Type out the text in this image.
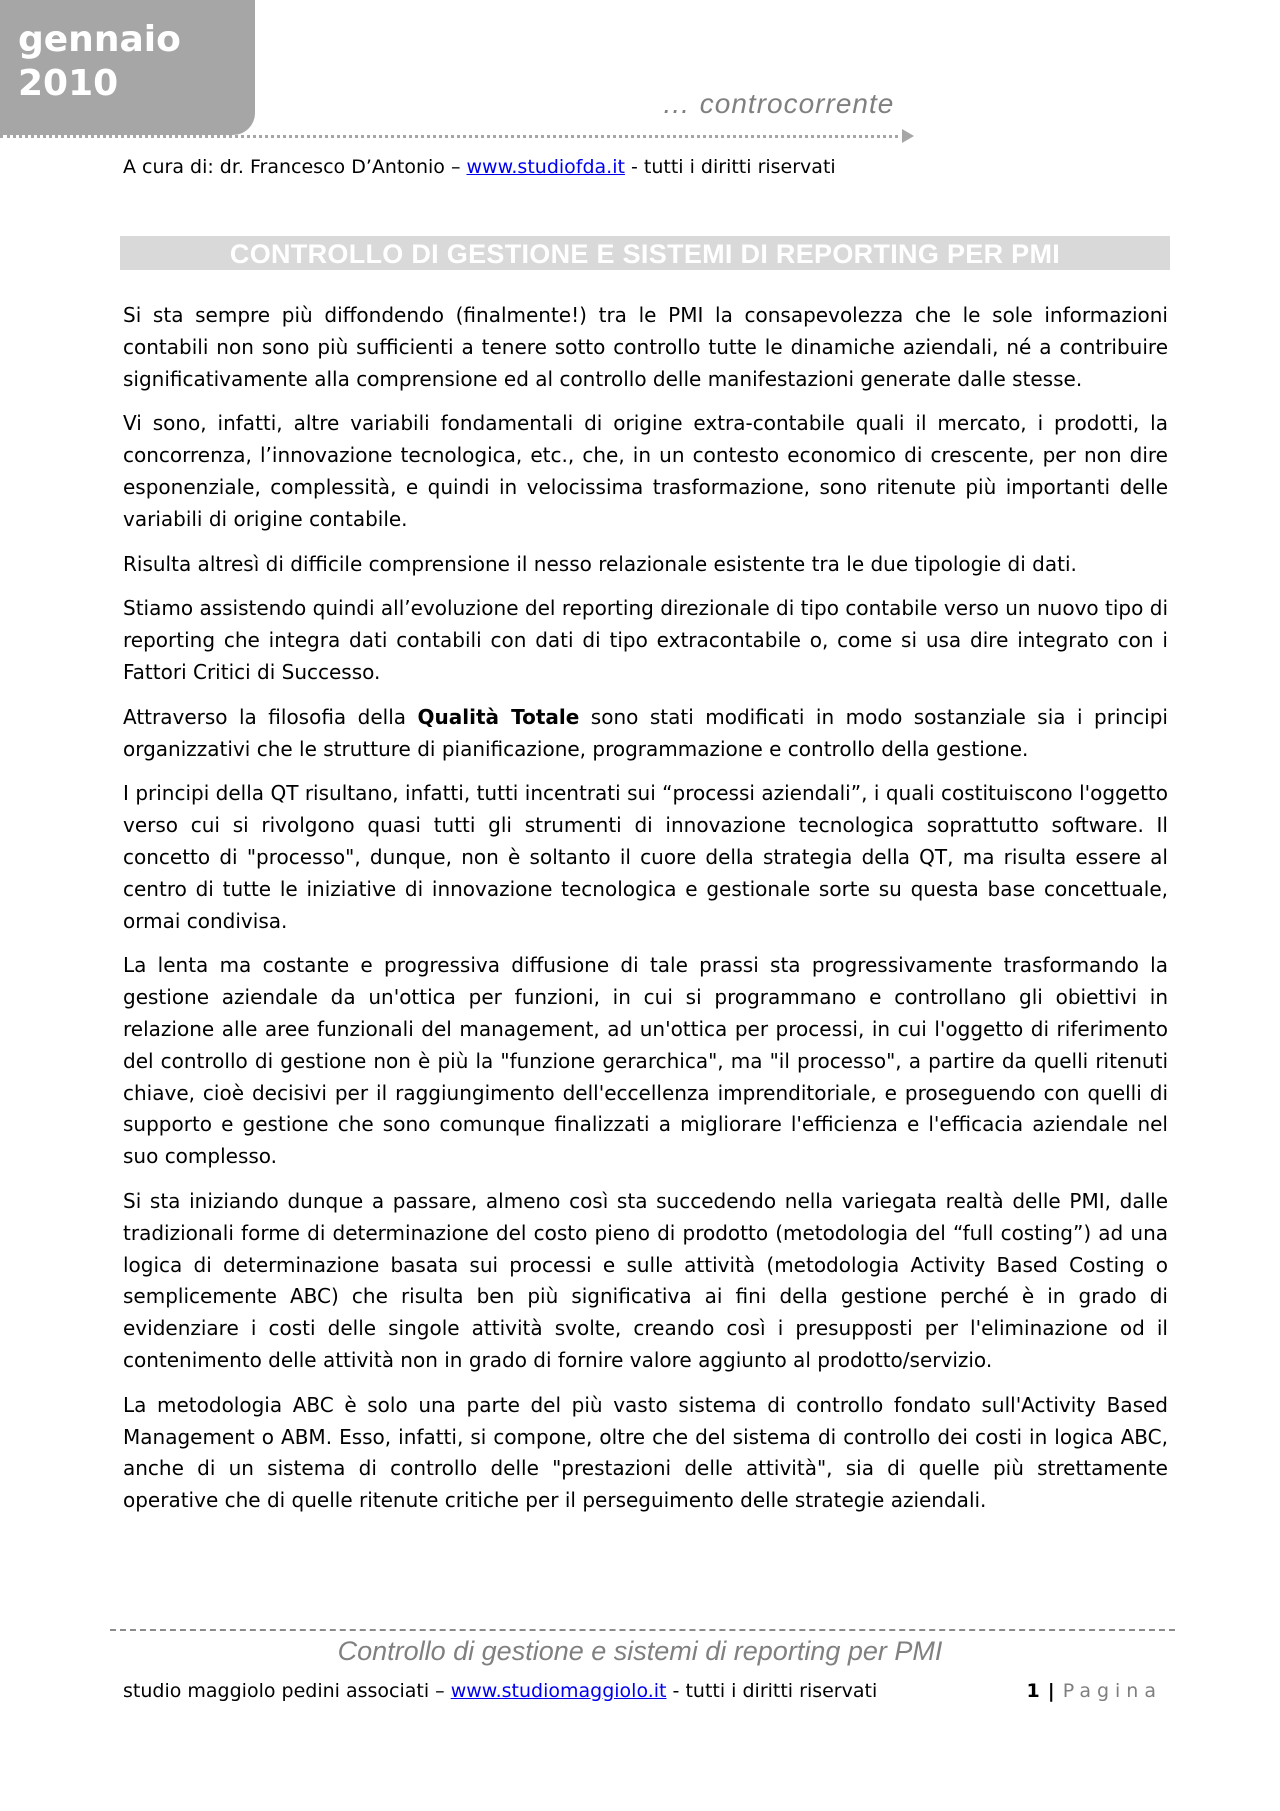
gennaio
2010	… controcorrente
A cura di: dr. Francesco D’Antonio – www.studiofda.it - tutti i diritti riservati
CONTROLLO DI GESTIONE E SISTEMI DI REPORTING PER PMI

Si sta sempre più diffondendo (finalmente!) tra le PMI la consapevolezza che le sole informazioni contabili non sono più sufficienti a tenere sotto controllo tutte le dinamiche aziendali, né a contribuire significativamente alla comprensione ed al controllo delle manifestazioni generate dalle stesse.

Vi sono, infatti, altre variabili fondamentali di origine extra-contabile quali il mercato, i prodotti, la concorrenza, l’innovazione tecnologica, etc., che, in un contesto economico di crescente, per non dire esponenziale, complessità, e quindi in velocissima trasformazione, sono ritenute più importanti delle variabili di origine contabile.

Risulta altresì di difficile comprensione il nesso relazionale esistente tra le due tipologie di dati.

Stiamo assistendo quindi all’evoluzione del reporting direzionale di tipo contabile verso un nuovo tipo di reporting che integra dati contabili con dati di tipo extracontabile o, come si usa dire integrato con i Fattori Critici di Successo.

Attraverso la filosofia della Qualità Totale sono stati modificati in modo sostanziale sia i principi organizzativi che le strutture di pianificazione, programmazione e controllo della gestione.

I principi della QT risultano, infatti, tutti incentrati sui “processi aziendali”, i quali costituiscono l'oggetto verso cui si rivolgono quasi tutti gli strumenti di innovazione tecnologica soprattutto software. Il concetto di "processo", dunque, non è soltanto il cuore della strategia della QT, ma risulta essere al centro di tutte le iniziative di innovazione tecnologica e gestionale sorte su questa base concettuale, ormai condivisa.

La lenta ma costante e progressiva diffusione di tale prassi sta progressivamente trasformando la gestione aziendale da un'ottica per funzioni, in cui si programmano e controllano gli obiettivi in relazione alle aree funzionali del management, ad un'ottica per processi, in cui l'oggetto di riferimento del controllo di gestione non è più la "funzione gerarchica", ma "il processo", a partire da quelli ritenuti chiave, cioè decisivi per il raggiungimento dell'eccellenza imprenditoriale, e proseguendo con quelli di supporto e gestione che sono comunque finalizzati a migliorare l'efficienza e l'efficacia aziendale nel suo complesso.

Si sta iniziando dunque a passare, almeno così sta succedendo nella variegata realtà delle PMI, dalle tradizionali forme di determinazione del costo pieno di prodotto (metodologia del “full costing”) ad una logica di determinazione basata sui processi e sulle attività (metodologia Activity Based Costing o semplicemente ABC) che risulta ben più significativa ai fini della gestione perché è in grado di evidenziare i costi delle singole attività svolte, creando così i presupposti per l'eliminazione od il contenimento delle attività non in grado di fornire valore aggiunto al prodotto/servizio.

La metodologia ABC è solo una parte del più vasto sistema di controllo fondato sull'Activity Based Management o ABM. Esso, infatti, si compone, oltre che del sistema di controllo dei costi in logica ABC, anche di un sistema di controllo delle "prestazioni delle attività", sia di quelle più strettamente operative che di quelle ritenute critiche per il perseguimento delle strategie aziendali.

Controllo di gestione e sistemi di reporting per PMI
studio maggiolo pedini associati – www.studiomaggiolo.it - tutti i diritti riservati	1 | Pagina
